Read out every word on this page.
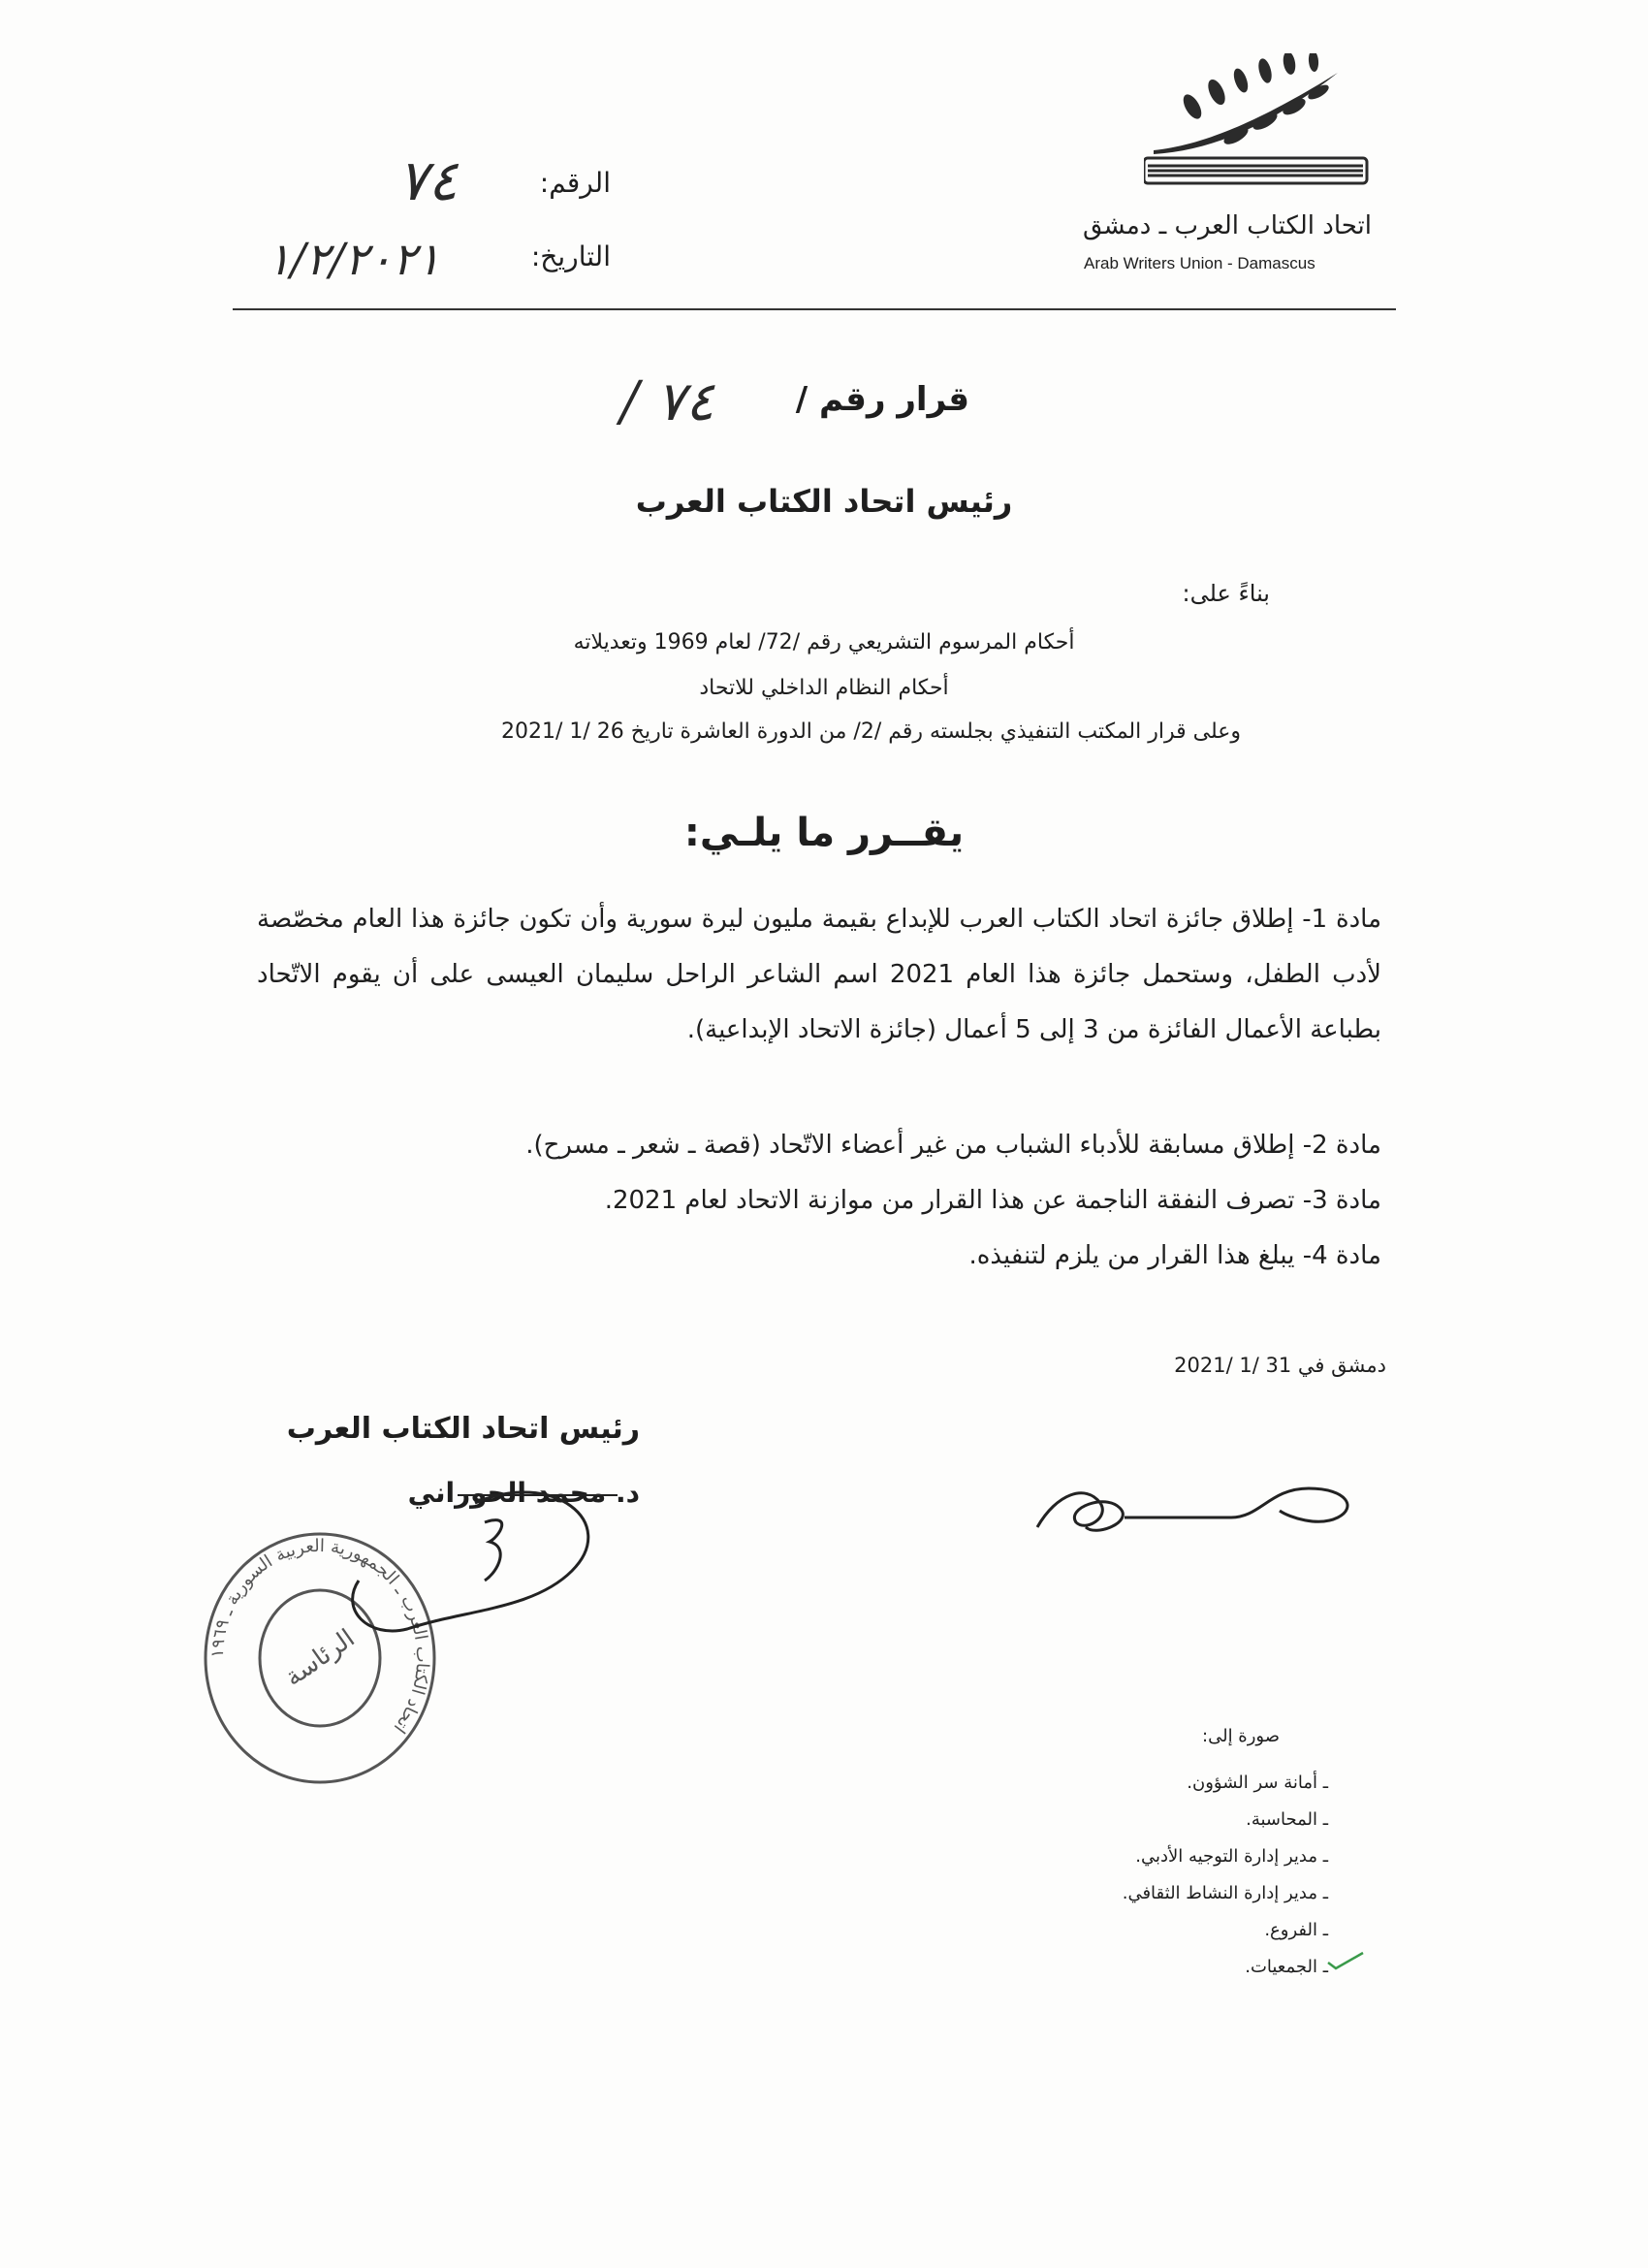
اتحاد الكتاب العرب ـ دمشق
Arab Writers Union - Damascus
الرقم:
٧٤
التاريخ:
١/٢/٢٠٢١
قرار رقم /
/ ٧٤
رئيس اتحاد الكتاب العرب
بناءً على:
أحكام المرسوم التشريعي رقم /72/ لعام 1969 وتعديلاته
أحكام النظام الداخلي للاتحاد
وعلى قرار المكتب التنفيذي بجلسته رقم /2/ من الدورة العاشرة تاريخ 26 /1 /2021
يقــرر ما يلـي:
مادة 1- إطلاق جائزة اتحاد الكتاب العرب للإبداع بقيمة مليون ليرة سورية وأن تكون جائزة هذا العام مخصّصة لأدب الطفل، وستحمل جائزة هذا العام 2021 اسم الشاعر الراحل سليمان العيسى على أن يقوم الاتّحاد بطباعة الأعمال الفائزة من 3 إلى 5 أعمال (جائزة الاتحاد الإبداعية).
مادة 2- إطلاق مسابقة للأدباء الشباب من غير أعضاء الاتّحاد (قصة ـ شعر ـ مسرح).
مادة 3- تصرف النفقة الناجمة عن هذا القرار من موازنة الاتحاد لعام 2021.
مادة 4- يبلغ هذا القرار من يلزم لتنفيذه.
دمشق في 31 /1 /2021
رئيس اتحاد الكتاب العرب
د. محمد الحوراني
اتحاد الكتاب العرب ـ الجمهورية العربية السورية ـ ١٩٦٩
الرئاسة
صورة إلى:
ـ أمانة سر الشؤون.
ـ المحاسبة.
ـ مدير إدارة التوجيه الأدبي.
ـ مدير إدارة النشاط الثقافي.
ـ الفروع.
ـ الجمعيات.
